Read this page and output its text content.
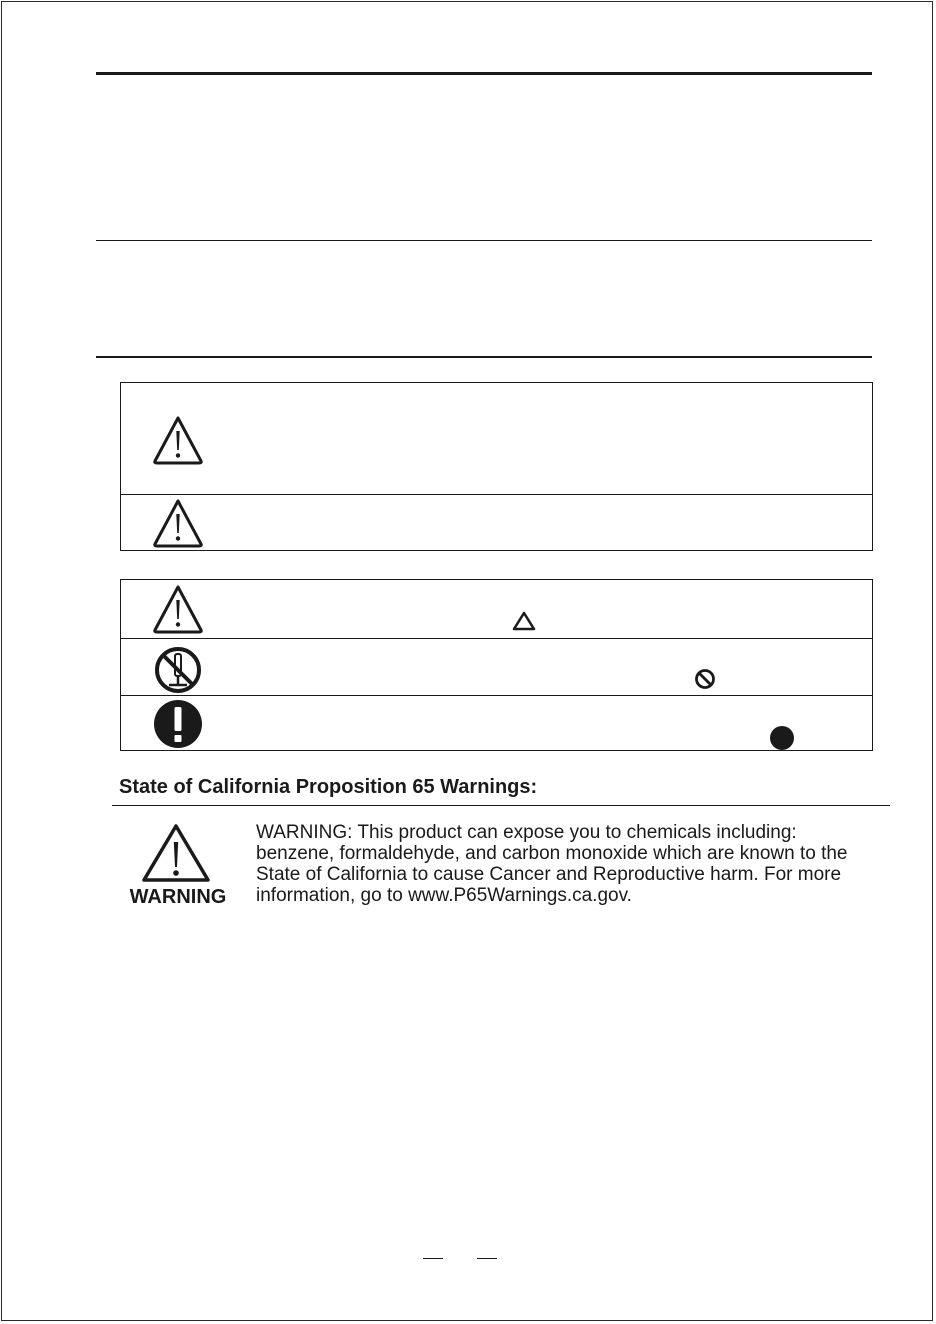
State of California Proposition 65 Warnings:
WARNING
WARNING: This product can expose you to chemicals including:
benzene, formaldehyde, and carbon monoxide which are known to the
State of California to cause Cancer and Reproductive harm. For more
information, go to www.P65Warnings.ca.gov.
